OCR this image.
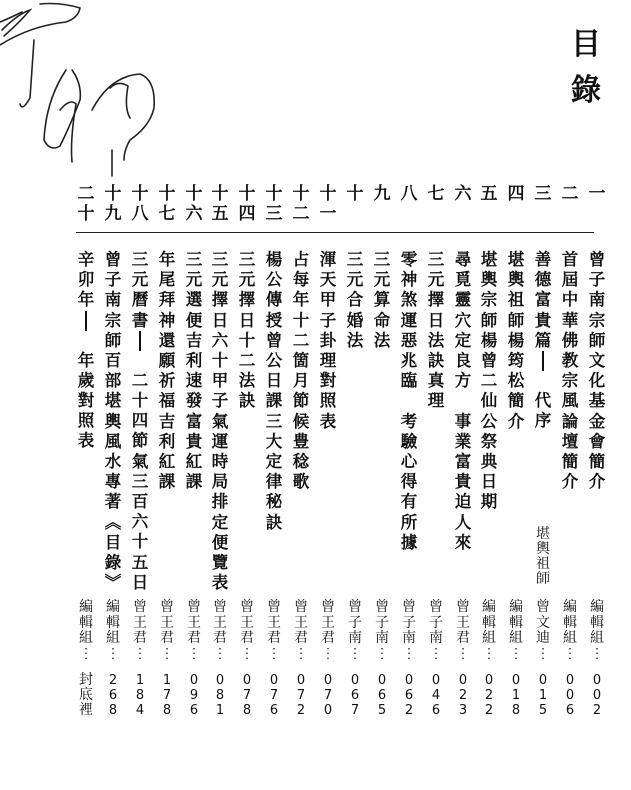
目
錄
一
曾
子
南
宗
師
文
化
基
金
會
簡
介
編
輯
組
︙
0
0
2
二
首
屆
中
華
佛
教
宗
風
論
壇
簡
介
編
輯
組
︙
0
0
6
三
善
德
富
貴
篇
代
序
曾
文
迪
︙
0
1
5
四
堪
輿
祖
師
楊
筠
松
簡
介
編
輯
組
︙
0
1
8
五
堪
輿
宗
師
楊
曾
二
仙
公
祭
典
日
期
編
輯
組
︙
0
2
2
六
尋
覓
靈
穴
定
良
方

事
業
富
貴
迫
人
來
曾
王
君
︙
0
2
3
七
三
元
擇
日
法
訣
真
理
曾
子
南
︙
0
4
6
八
零
神
煞
運
惡
兆
臨

考
驗
心
得
有
所
據
曾
子
南
︙
0
6
2
九
三
元
算
命
法
曾
子
南
︙
0
6
5
十
三
元
合
婚
法
曾
子
南
︙
0
6
7
十
一
渾
天
甲
子
卦
理
對
照
表
曾
王
君
︙
0
7
0
十
二
占
每
年
十
二
箇
月
節
候
豊
稔
歌
曾
王
君
︙
0
7
2
十
三
楊
公
傳
授
曾
公
日
課
三
大
定
律
秘
訣
曾
王
君
︙
0
7
6
十
四
三
元
擇
日
十
二
法
訣
曾
王
君
︙
0
7
8
十
五
三
元
擇
日
六
十
甲
子
氣
運
時
局
排
定
便
覽
表
曾
王
君
︙
0
8
1
十
六
三
元
選
便
吉
利
速
發
富
貴
紅
課
曾
王
君
︙
0
9
6
十
七
年
尾
拜
神
還
願
祈
福
吉
利
紅
課
曾
王
君
︙
1
7
8
十
八
三
元
曆
書
二
十
四
節
氣
三
百
六
十
五
日
曾
王
君
︙
1
8
4
十
九
曾
子
南
宗
師
百
部
堪
輿
風
水
專
著
︽
目
錄
︾
編
輯
組
︙
2
6
8
二
十
辛
卯
年
年
歲
對
照
表
編
輯
組
︙
封
底
裡
堪
輿
祖
師
